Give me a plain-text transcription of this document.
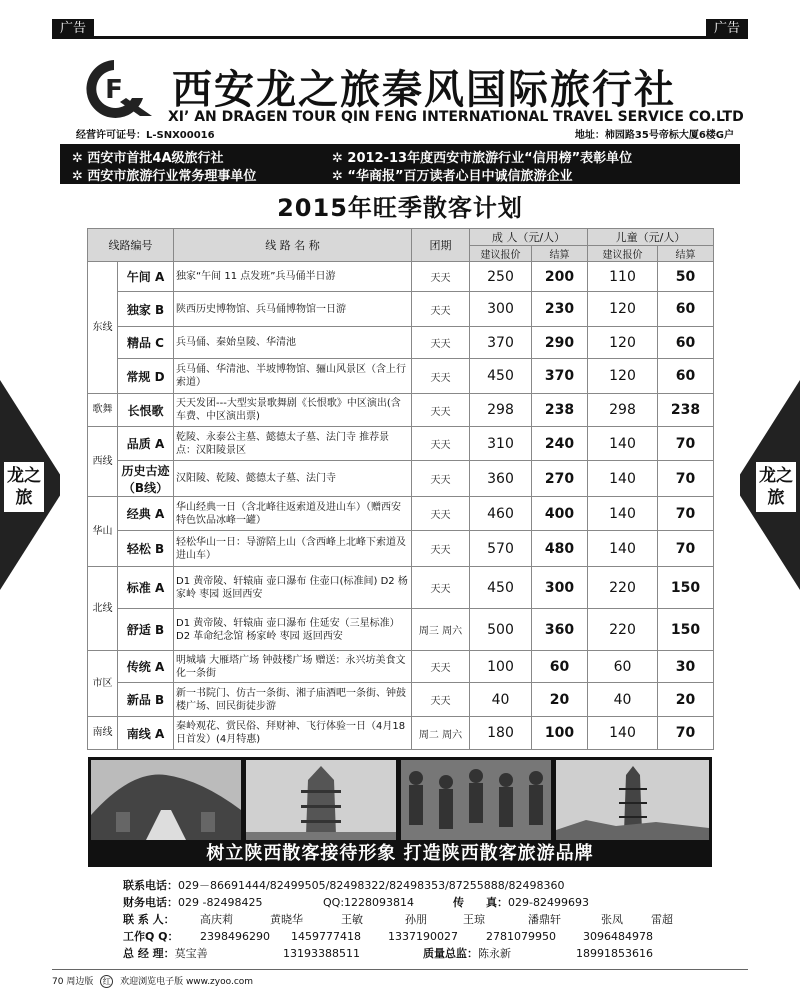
广告	广告
龙之旅
龙之旅
F 西安龙之旅秦风国际旅行社
XI’ AN DRAGEN TOUR QIN FENG INTERNATIONAL TRAVEL SERVICE CO.LTD
经营许可证号：L-SNX00016	地址：柿园路35号帝标大厦6楼G户
✲ 西安市首批4A级旅行社	✲ 2012-13年度西安市旅游行业“信用榜”表彰单位
✲ 西安市旅游行业常务理事单位	✲ “华商报”百万读者心目中诚信旅游企业
2015年旺季散客计划
线路编号		线 路 名 称	团期	成 人（元/人）		儿童（元/人）	
				建议报价	结算	建议报价	结算
东线	午间 A	独家“午间 11 点发班”兵马俑半日游	天天	250	200	110	50
	独家 B	陕西历史博物馆、兵马俑博物馆一日游	天天	300	230	120	60
	精品 C	兵马俑、秦始皇陵、华清池	天天	370	290	120	60
	常规 D	兵马俑、华清池、半坡博物馆、骊山风景区（含上行索道）	天天	450	370	120	60
歌舞	长恨歌	天天发团---大型实景歌舞剧《长恨歌》中区演出(含车费、中区演出票)	天天	298	238	298	238
西线	品质 A	乾陵、永泰公主墓、懿德太子墓、法门寺 推荐景点：汉阳陵景区	天天	310	240	140	70
	历史古迹（B线）	汉阳陵、乾陵、懿德太子墓、法门寺	天天	360	270	140	70
华山	经典 A	华山经典一日（含北峰往返索道及进山车）（赠西安特色饮品冰峰一罐）	天天	460	400	140	70
	轻松 B	轻松华山一日：导游陪上山（含西峰上北峰下索道及进山车）	天天	570	480	140	70
北线	标准 A	D1 黄帝陵、轩辕庙 壶口瀑布 住壶口(标准间) D2 杨家岭 枣园 返回西安	天天	450	300	220	150
	舒适 B	D1 黄帝陵、轩辕庙 壶口瀑布 住延安（三星标准） D2 革命纪念馆 杨家岭 枣园 返回西安	周三 周六	500	360	220	150
市区	传统 A	明城墙 大雁塔广场 钟鼓楼广场 赠送：永兴坊美食文化一条街	天天	100	60	60	30
	新品 B	新一书院门、仿古一条街、湘子庙酒吧一条街、钟鼓楼广场、回民街徒步游	天天	40	20	40	20
南线	南线 A	秦岭观花、赏民俗、拜财神、飞行体验一日（4月18日首发）(4月特惠)	周二 周六	180	100	140	70
树立陕西散客接待形象 打造陕西散客旅游品牌
联系电话：029－86691444/82499505/82498322/82498353/87255888/82498360
财务电话：029 -82498425	QQ:1228093814	传　　真：029-82499693
联 系 人： 高庆莉	黄晓华	王敏	孙朋	王琼	潘鼎轩	张凤	雷超
工作Q Q： 2398496290 1459777418 1337190027	2781079950 3096484978
总 经 理：莫宝善	13193388511	质量总监：陈永新	18991853616
70 周边版 红 欢迎浏览电子版 www.zyoo.com
